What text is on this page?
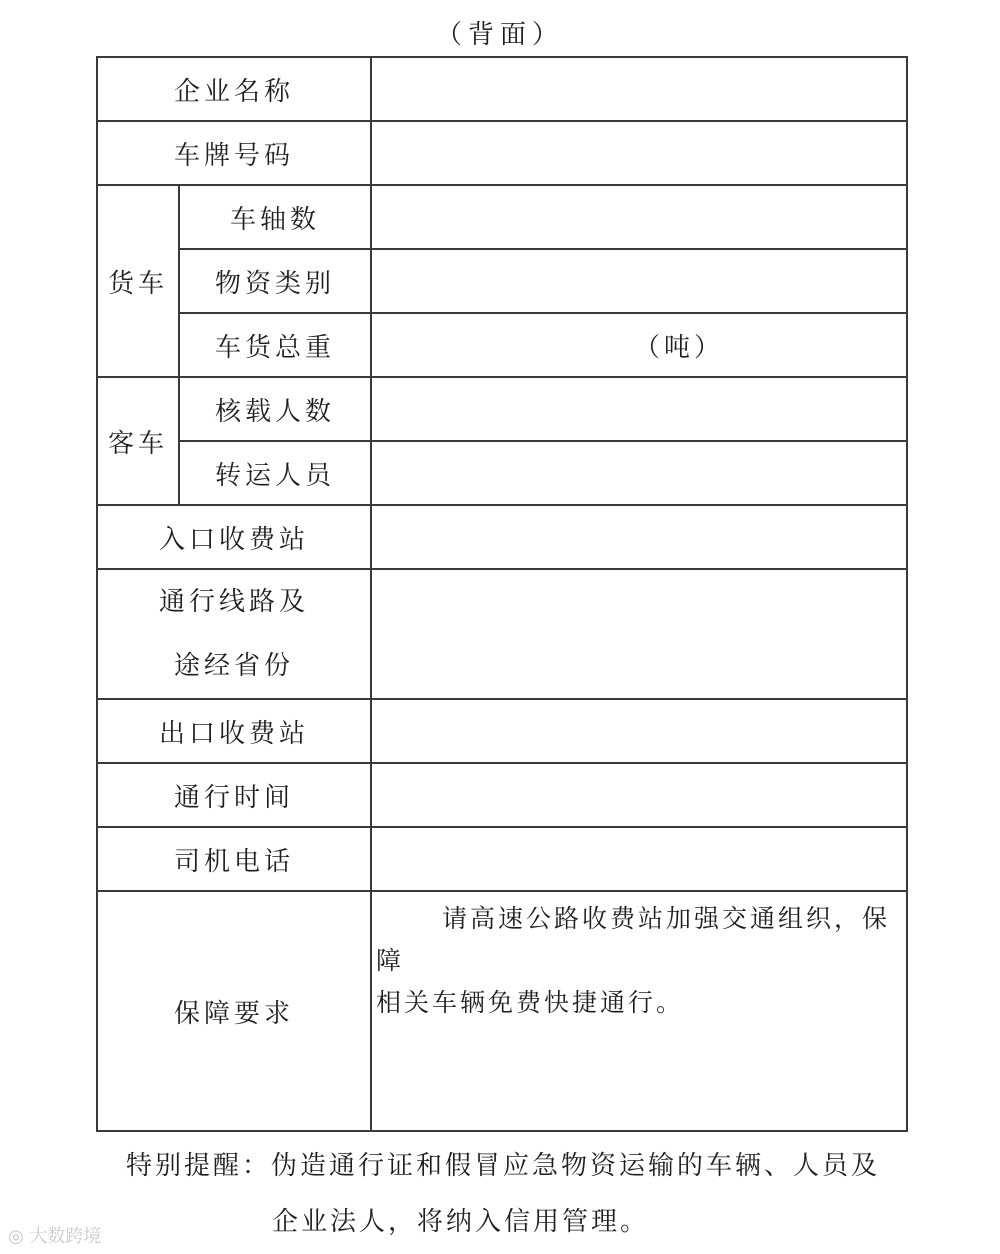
（背面）
企业名称		
车牌号码		
货车	车轴数	
	物资类别	
	车货总重	（吨）
客车	核载人数	
	转运人员	
入口收费站		

通行线路及
途经省份		

出口收费站		
通行时间		
司机电话		
保障要求		请高速公路收费站加强交通组织，保障
相关车辆免费快捷通行。
特别提醒：伪造通行证和假冒应急物资运输的车辆、人员及
企业法人，将纳入信用管理。
◎ 大数跨境
